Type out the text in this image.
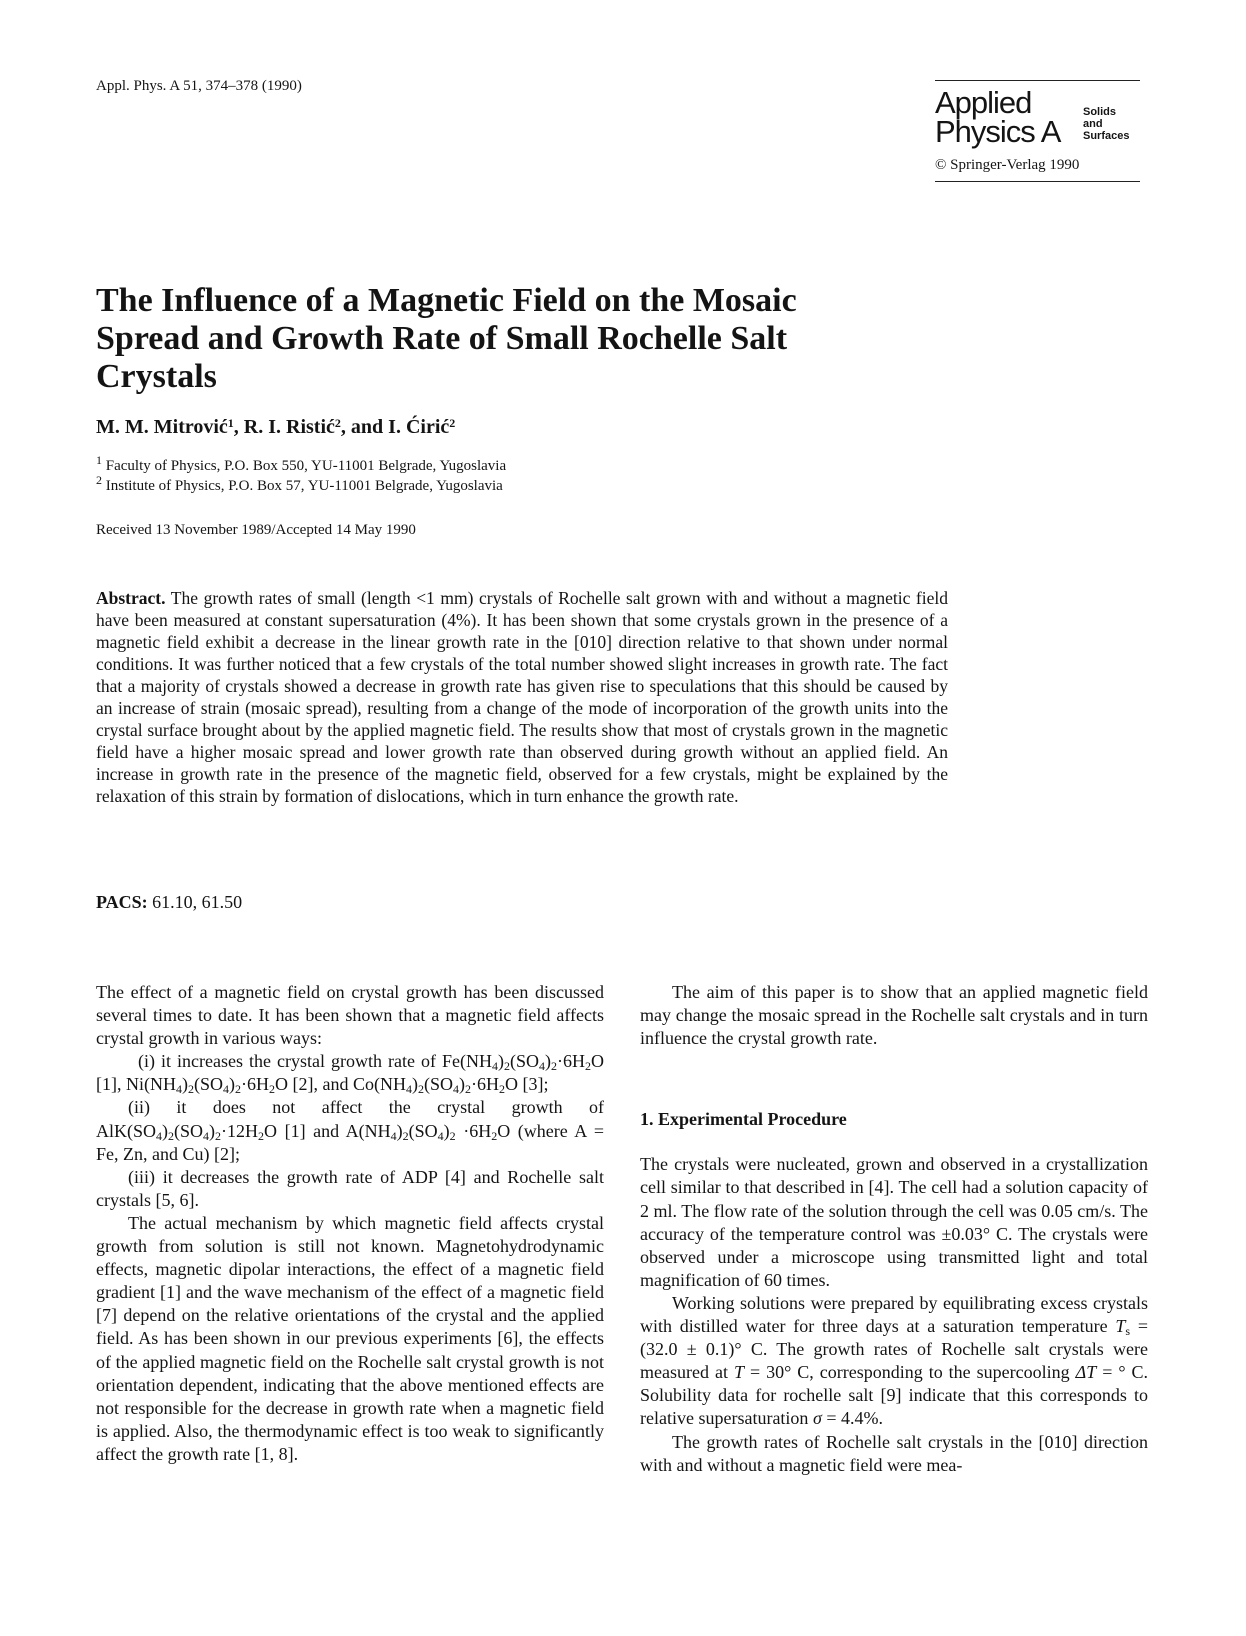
Appl. Phys. A 51, 374–378 (1990)	Applied
Physics A
Solids
and
Surfaces
© Springer-Verlag 1990
The Influence of a Magnetic Field on the Mosaic Spread and Growth Rate of Small Rochelle Salt Crystals
M. M. Mitrović$^1$, R. I. Ristić$^2$, and I. Ćirić$^2$
$^1$ Faculty of Physics, P.O. Box 550, YU-11001 Belgrade, Yugoslavia
$^2$ Institute of Physics, P.O. Box 57, YU-11001 Belgrade, Yugoslavia
Received 13 November 1989/Accepted 14 May 1990
Abstract. The growth rates of small (length <1 mm) crystals of Rochelle salt grown with and without a magnetic field have been measured at constant supersaturation (4%). It has been shown that some crystals grown in the presence of a magnetic field exhibit a decrease in the linear growth rate in the [010] direction relative to that shown under normal conditions. It was further noticed that a few crystals of the total number showed slight increases in growth rate. The fact that a majority of crystals showed a decrease in growth rate has given rise to speculations that this should be caused by an increase of strain (mosaic spread), resulting from a change of the mode of incorporation of the growth units into the crystal surface brought about by the applied magnetic field. The results show that most of crystals grown in the magnetic field have a higher mosaic spread and lower growth rate than observed during growth without an applied field. An increase in growth rate in the presence of the magnetic field, observed for a few crystals, might be explained by the relaxation of this strain by formation of dislocations, which in turn enhance the growth rate.
PACS: 61.10, 61.50

The effect of a magnetic field on crystal growth has been discussed several times to date. It has been shown that a magnetic field affects crystal growth in various ways:

(i) it increases the crystal growth rate of $Fe(NH_4)_2(SO_4)_2\cdot 6H_2O$ [1], $Ni(NH_4)_2(SO_4)_2\cdot 6H_2O$ [2], and $Co(NH_4)_2(SO_4)_2\cdot 6H_2O$ [3];

(ii) it does not affect the crystal growth of $AlK(SO_4)_2(SO_4)_2\cdot 12H_2O$ [1] and $A(NH_4)_2(SO_4)_2 \cdot 6H_2O$ (where A = Fe, Zn, and Cu) [2];

(iii) it decreases the growth rate of ADP [4] and Rochelle salt crystals [5, 6].

The actual mechanism by which magnetic field affects crystal growth from solution is still not known. Magnetohydrodynamic effects, magnetic dipolar interactions, the effect of a magnetic field gradient [1] and the wave mechanism of the effect of a magnetic field [7] depend on the relative orientations of the crystal and the applied field. As has been shown in our previous experiments [6], the effects of the applied magnetic field on the Rochelle salt crystal growth is not orientation dependent, indicating that the above mentioned effects are not responsible for the decrease in growth rate when a magnetic field is applied. Also, the thermodynamic effect is too weak to significantly affect the growth rate [1, 8].

The aim of this paper is to show that an applied magnetic field may change the mosaic spread in the Rochelle salt crystals and in turn influence the crystal growth rate.

1. Experimental Procedure

The crystals were nucleated, grown and observed in a crystallization cell similar to that described in [4]. The cell had a solution capacity of 2 ml. The flow rate of the solution through the cell was 0.05 cm/s. The accuracy of the temperature control was ±0.03° C. The crystals were observed under a microscope using transmitted light and total magnification of 60 times.

Working solutions were prepared by equilibrating excess crystals with distilled water for three days at a saturation temperature $T_s = (32.0 \pm 0.1)^\circ$ C. The growth rates of Rochelle salt crystals were measured at T = 30° C, corresponding to the supercooling ΔT = ° C. Solubility data for rochelle salt [9] indicate that this corresponds to relative supersaturation σ = 4.4%.

The growth rates of Rochelle salt crystals in the [010] direction with and without a magnetic field were mea-
